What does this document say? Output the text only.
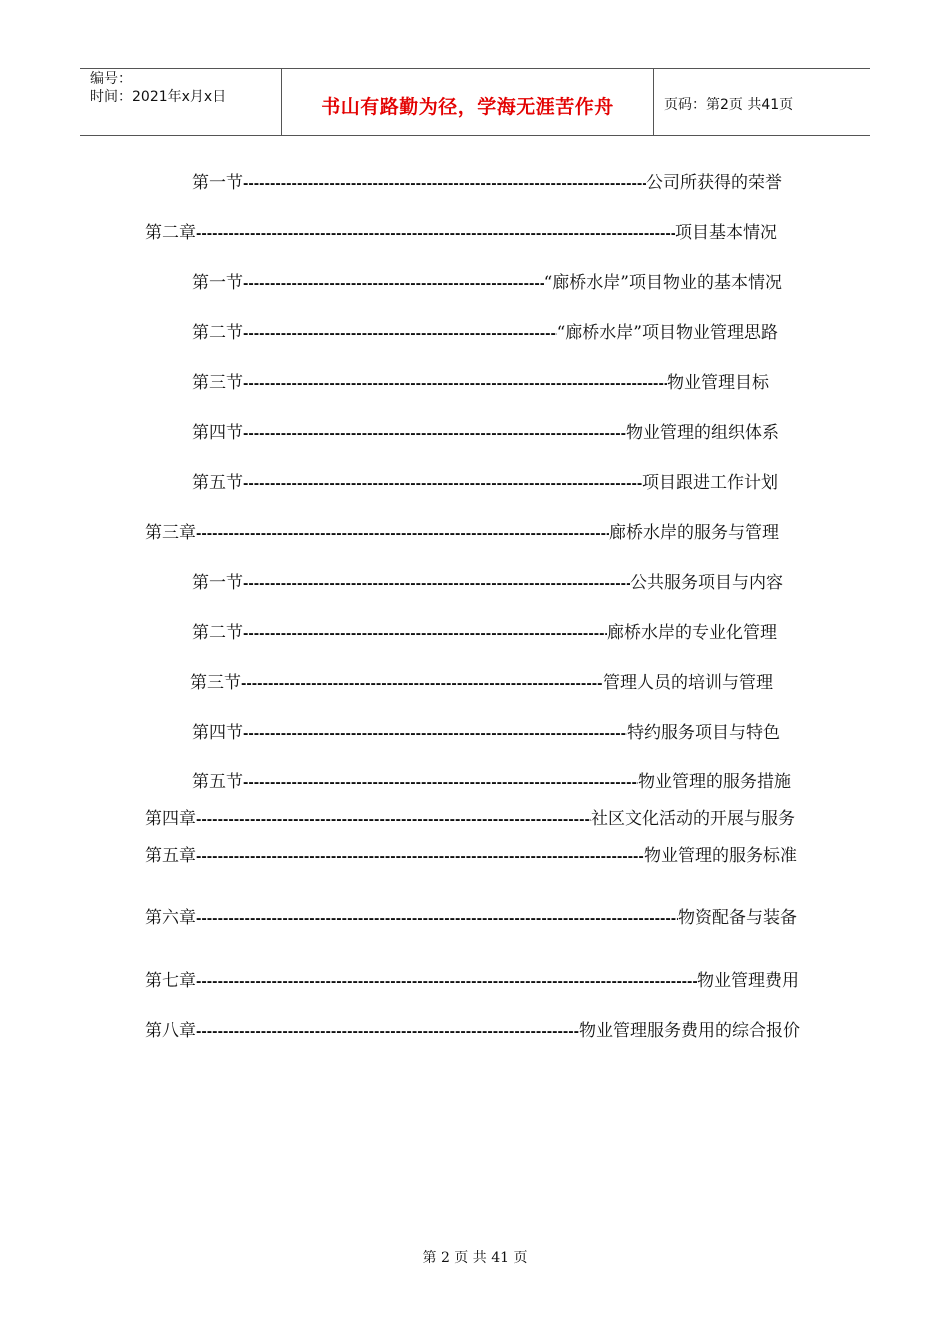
编号：
时间：2021年x月x日	书山有路勤为径，学海无涯苦作舟	页码：第2页 共41页
第一节 -----	公司所获得的荣誉
第二章 -----	项目基本情况
第一节 -----	“廊桥水岸”项目物业的基本情况
第二节 -----	“廊桥水岸”项目物业管理思路
第三节 -----	物业管理目标
第四节 -----	物业管理的组织体系
第五节 -----	项目跟进工作计划
第三章 -----	廊桥水岸的服务与管理
第一节 -----	公共服务项目与内容
第二节 -----	廊桥水岸的专业化管理
第三节 -----	管理人员的培训与管理
第四节 -----	特约服务项目与特色
第五节 -----	物业管理的服务措施
第四章 -----	社区文化活动的开展与服务
第五章 -----	物业管理的服务标准
第六章 -----	物资配备与装备
第七章 -----	物业管理费用
第八章 -----	物业管理服务费用的综合报价
第 2 页 共 41 页
